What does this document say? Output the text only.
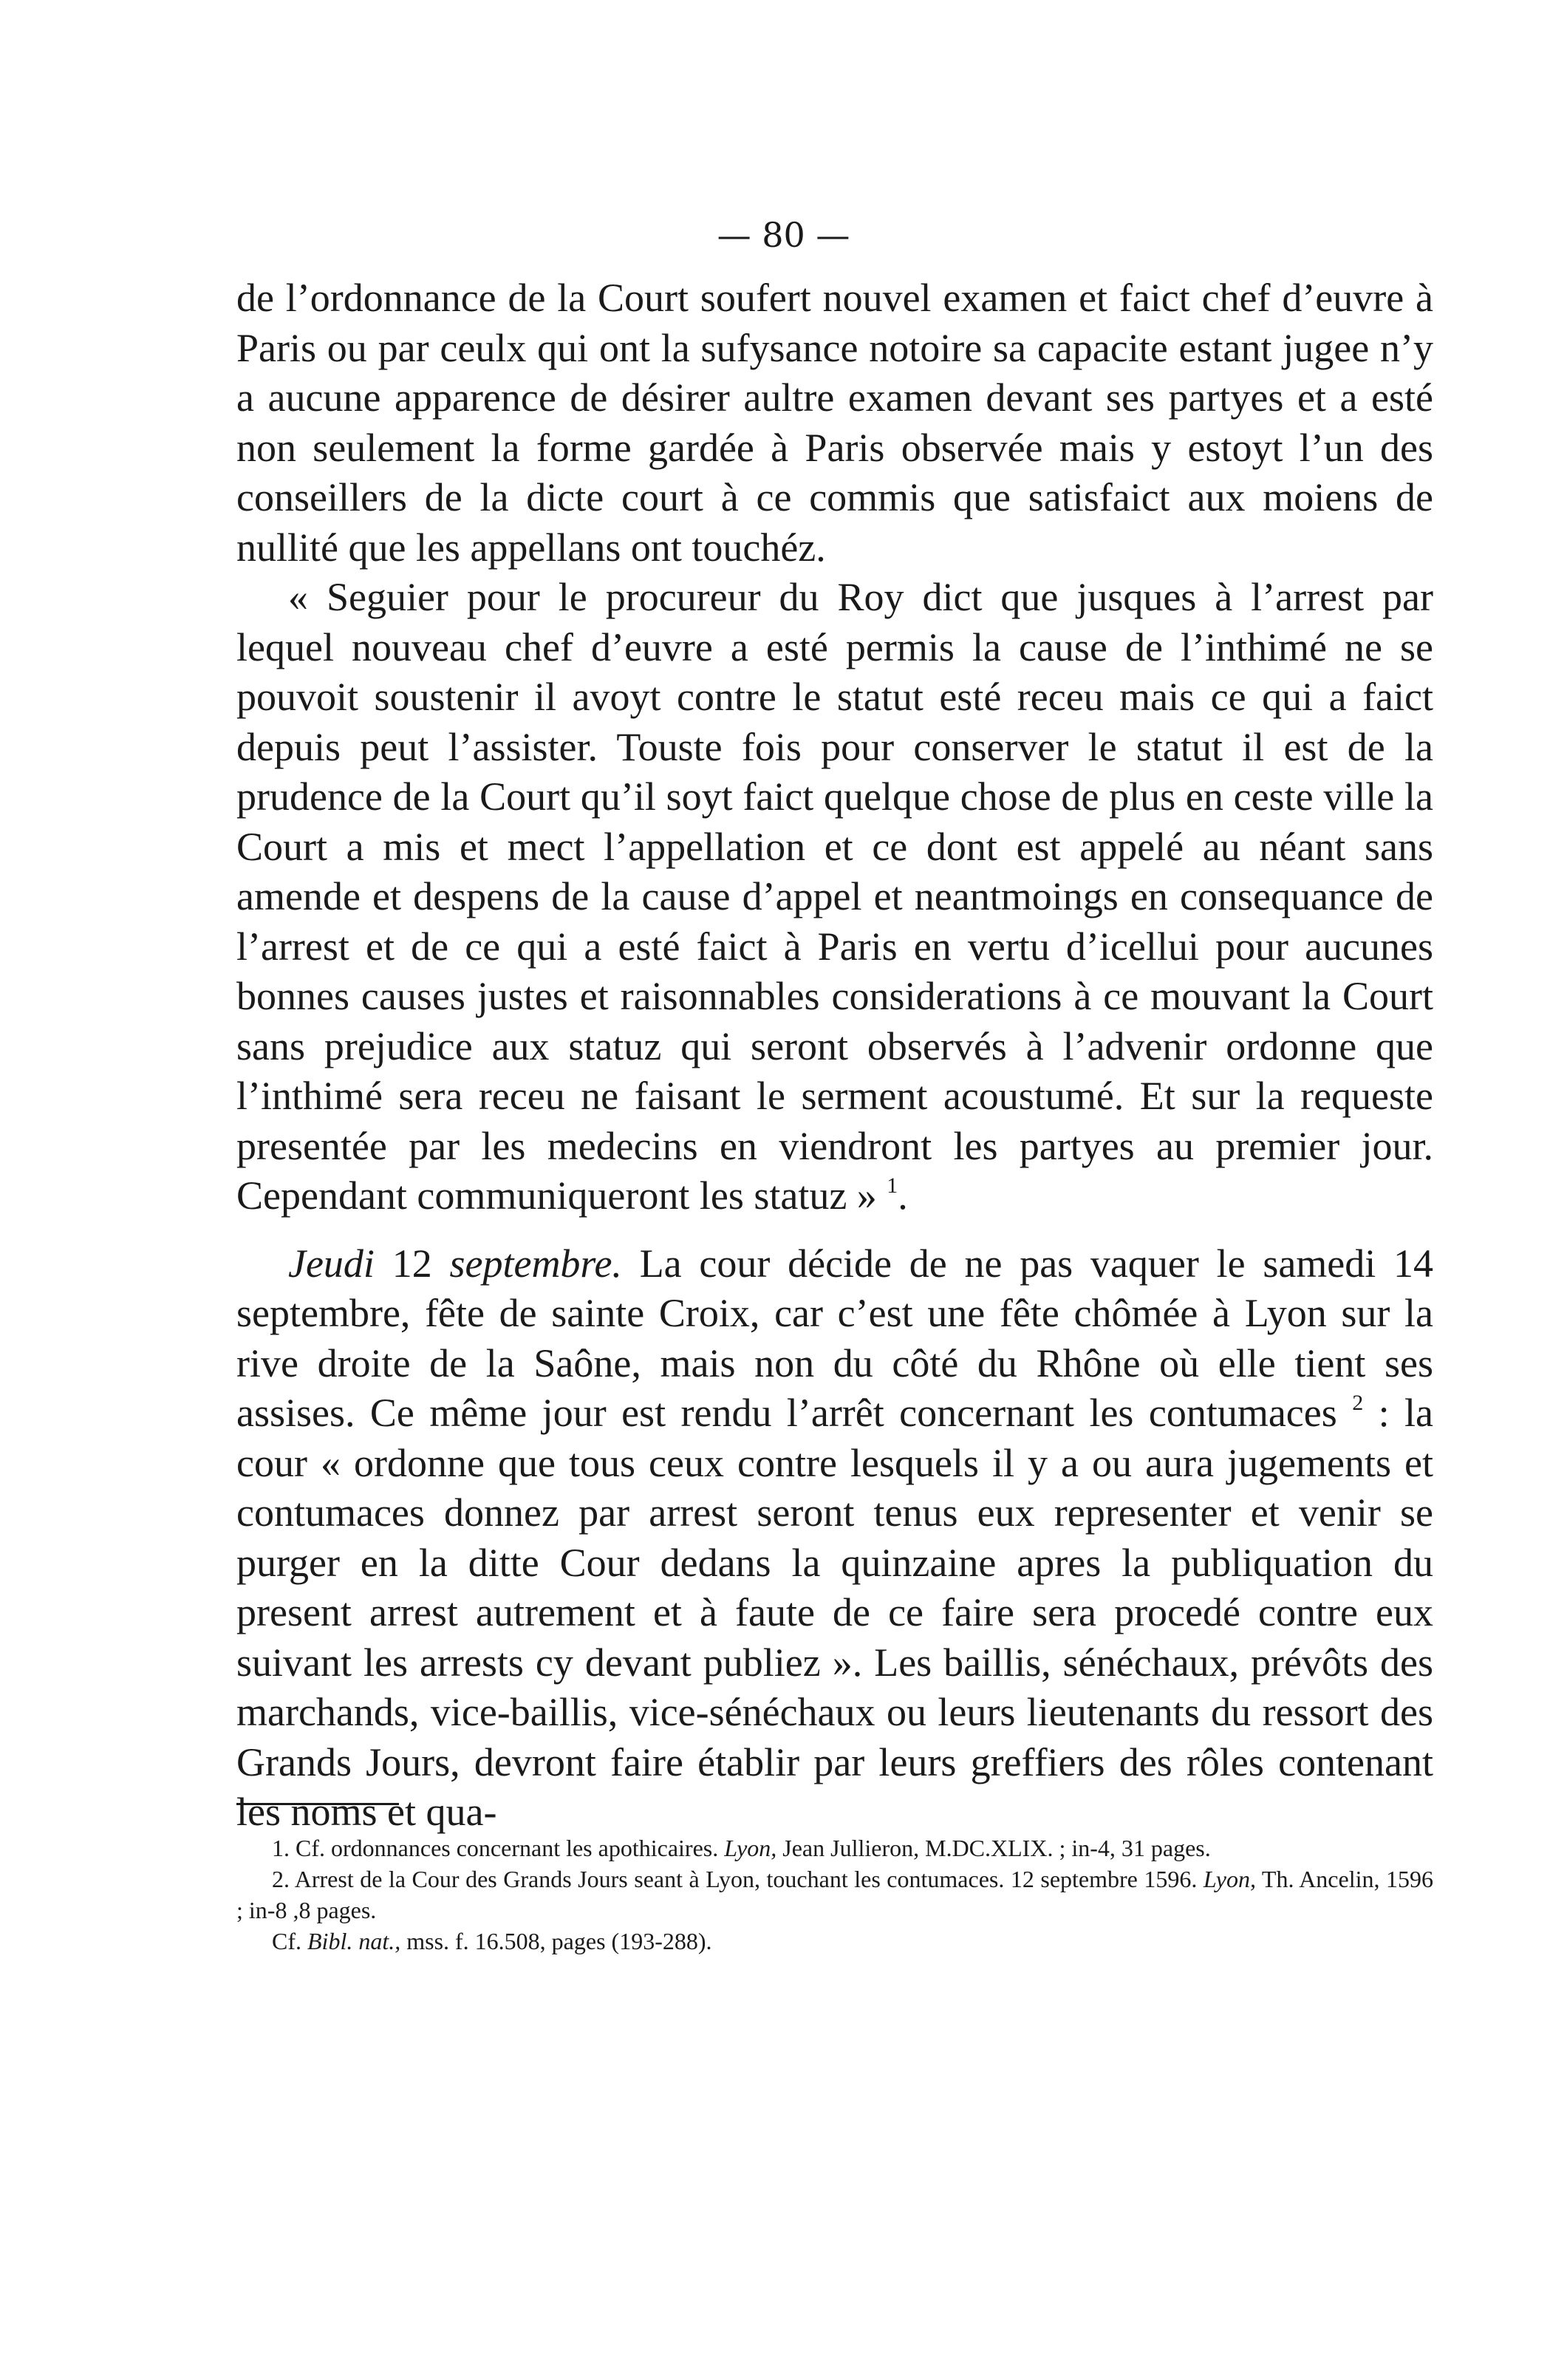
— 80 —

de l’ordonnance de la Court soufert nouvel examen et faict chef d’euvre à Paris ou par ceulx qui ont la sufysance notoire sa capacite estant jugee n’y a aucune apparence de désirer aultre examen devant ses partyes et a esté non seulement la forme gardée à Paris observée mais y estoyt l’un des conseillers de la dicte court à ce commis que satisfaict aux moiens de nullité que les appellans ont touchéz.

« Seguier pour le procureur du Roy dict que jusques à l’arrest par lequel nouveau chef d’euvre a esté permis la cause de l’inthimé ne se pouvoit soustenir il avoyt contre le statut esté receu mais ce qui a faict depuis peut l’assister. Touste fois pour conserver le statut il est de la prudence de la Court qu’il soyt faict quelque chose de plus en ceste ville la Court a mis et mect l’appellation et ce dont est appelé au néant sans amende et despens de la cause d’appel et neantmoings en consequance de l’arrest et de ce qui a esté faict à Paris en vertu d’icellui pour aucunes bonnes causes justes et raisonnables considerations à ce mouvant la Court sans prejudice aux statuz qui seront observés à l’advenir ordonne que l’inthimé sera receu ne faisant le serment acoustumé. Et sur la requeste presentée par les medecins en viendront les partyes au premier jour. Cependant communiqueront les statuz » $^1$.

Jeudi 12 septembre. La cour décide de ne pas vaquer le samedi 14 septembre, fête de sainte Croix, car c’est une fête chômée à Lyon sur la rive droite de la Saône, mais non du côté du Rhône où elle tient ses assises. Ce même jour est rendu l’arrêt concernant les contumaces $^2$ : la cour « ordonne que tous ceux contre lesquels il y a ou aura jugements et contumaces donnez par arrest seront tenus eux representer et venir se purger en la ditte Cour dedans la quinzaine apres la publiquation du present arrest autrement et à faute de ce faire sera procedé contre eux suivant les arrests cy devant publiez ». Les baillis, sénéchaux, prévôts des marchands, vice-baillis, vice-sénéchaux ou leurs lieutenants du ressort des Grands Jours, devront faire établir par leurs greffiers des rôles contenant les noms et qua-

1. Cf. ordonnances concernant les apothicaires. Lyon, Jean Jullieron, M.DC.XLIX. ; in-4, 31 pages.

2. Arrest de la Cour des Grands Jours seant à Lyon, touchant les contumaces. 12 septembre 1596. Lyon, Th. Ancelin, 1596 ; in-8 ,8 pages.

Cf. Bibl. nat., mss. f. 16.508, pages (193-288).
